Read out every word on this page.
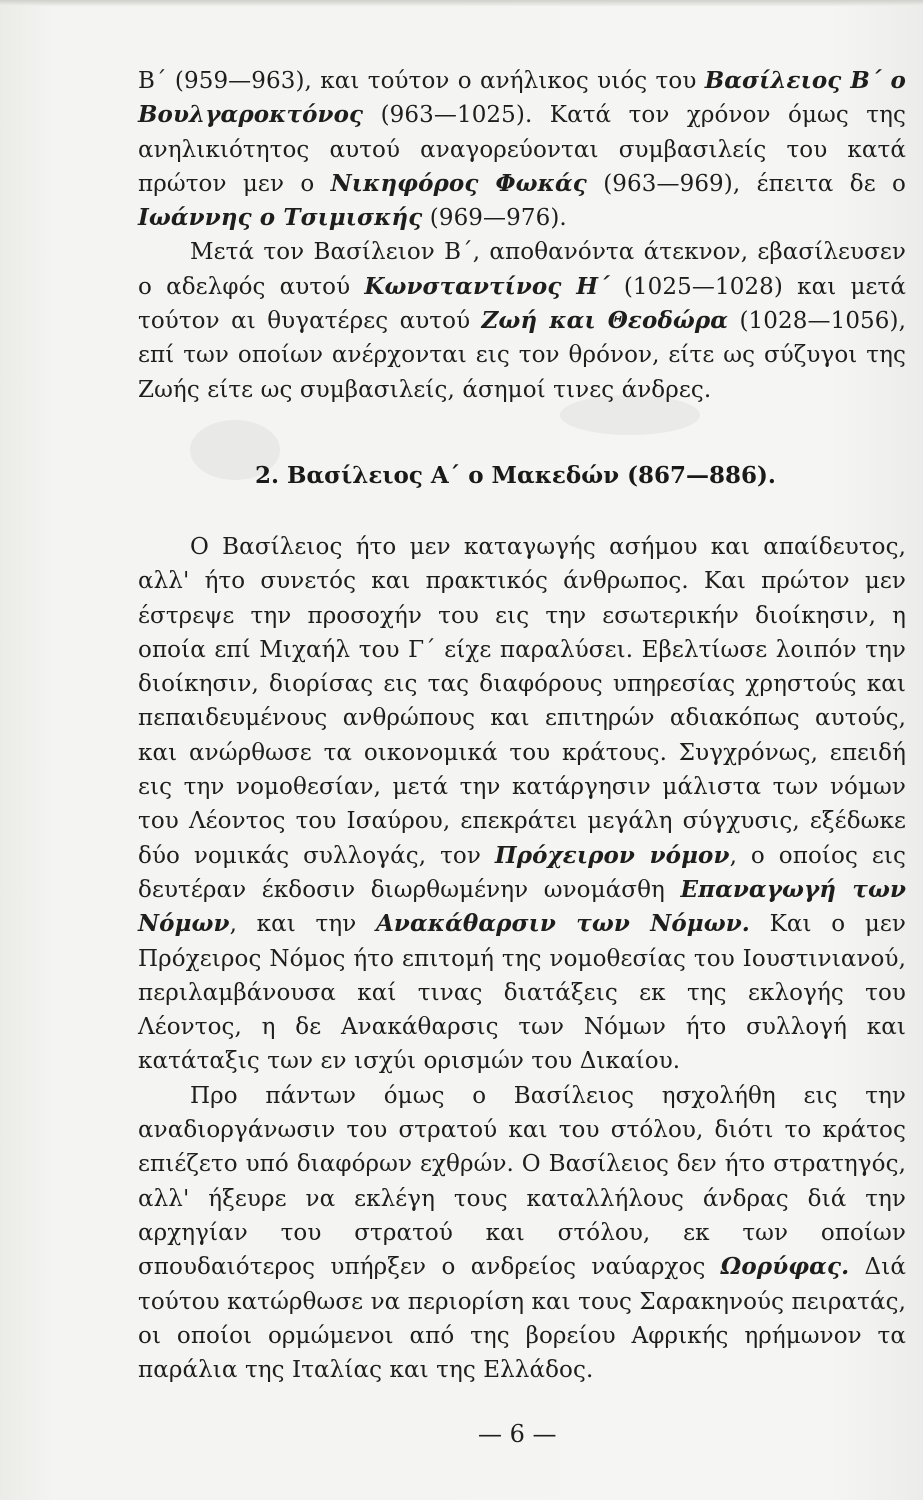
Β΄ (959—963), και τούτον ο ανήλικος υιός του Βασίλειος Β΄ ο Βουλγαροκτόνος (963—1025). Κατά τον χρόνον όμως της ανηλικιότητος αυτού αναγορεύονται συμβασιλείς του κατά πρώτον μεν ο Νικηφόρος Φωκάς (963—969), έπειτα δε ο Ιωάννης ο Τσιμισκής (969—976).

Μετά τον Βασίλειον Β΄, αποθανόντα άτεκνον, εβασίλευσεν ο αδελφός αυτού Κωνσταντίνος Η΄ (1025—1028) και μετά τούτον αι θυγατέρες αυτού Ζωή και Θεοδώρα (1028—1056), επί των οποίων ανέρχονται εις τον θρόνον, είτε ως σύζυγοι της Ζωής είτε ως συμβασιλείς, άσημοί τινες άνδρες.

2. Βασίλειος Α΄ ο Μακεδών (867—886).

Ο Βασίλειος ήτο μεν καταγωγής ασήμου και απαίδευτος, αλλ' ήτο συνετός και πρακτικός άνθρωπος. Και πρώτον μεν έστρεψε την προσοχήν του εις την εσωτερικήν διοίκησιν, η οποία επί Μιχαήλ του Γ΄ είχε παραλύσει. Εβελτίωσε λοιπόν την διοίκησιν, διορίσας εις τας διαφόρους υπηρεσίας χρηστούς και πεπαιδευμένους ανθρώπους και επιτηρών αδιακόπως αυτούς, και ανώρθωσε τα οικονομικά του κράτους. Συγχρόνως, επειδή εις την νομοθεσίαν, μετά την κατάργησιν μάλιστα των νόμων του Λέοντος του Ισαύρου, επεκράτει μεγάλη σύγχυσις, εξέδωκε δύο νομικάς συλλογάς, τον Πρόχειρον νόμον, ο οποίος εις δευτέραν έκδοσιν διωρθωμένην ωνομάσθη Επαναγωγή των Νόμων, και την Ανακάθαρσιν των Νόμων. Και ο μεν Πρόχειρος Νόμος ήτο επιτομή της νομοθεσίας του Ιουστινιανού, περιλαμβάνουσα καί τινας διατάξεις εκ της εκλογής του Λέοντος, η δε Ανακάθαρσις των Νόμων ήτο συλλογή και κατάταξις των εν ισχύι ορισμών του Δικαίου.

Προ πάντων όμως ο Βασίλειος ησχολήθη εις την αναδιοργάνωσιν του στρατού και του στόλου, διότι το κράτος επιέζετο υπό διαφόρων εχθρών. Ο Βασίλειος δεν ήτο στρατηγός, αλλ' ήξευρε να εκλέγη τους καταλλήλους άνδρας διά την αρχηγίαν του στρατού και στόλου, εκ των οποίων σπουδαιότερος υπήρξεν ο ανδρείος ναύαρχος Ωορύφας. Διά τούτου κατώρθωσε να περιορίση και τους Σαρακηνούς πειρατάς, οι οποίοι ορμώμενοι από της βορείου Αφρικής ηρήμωνον τα παράλια της Ιταλίας και της Ελλάδος.

— 6 —
